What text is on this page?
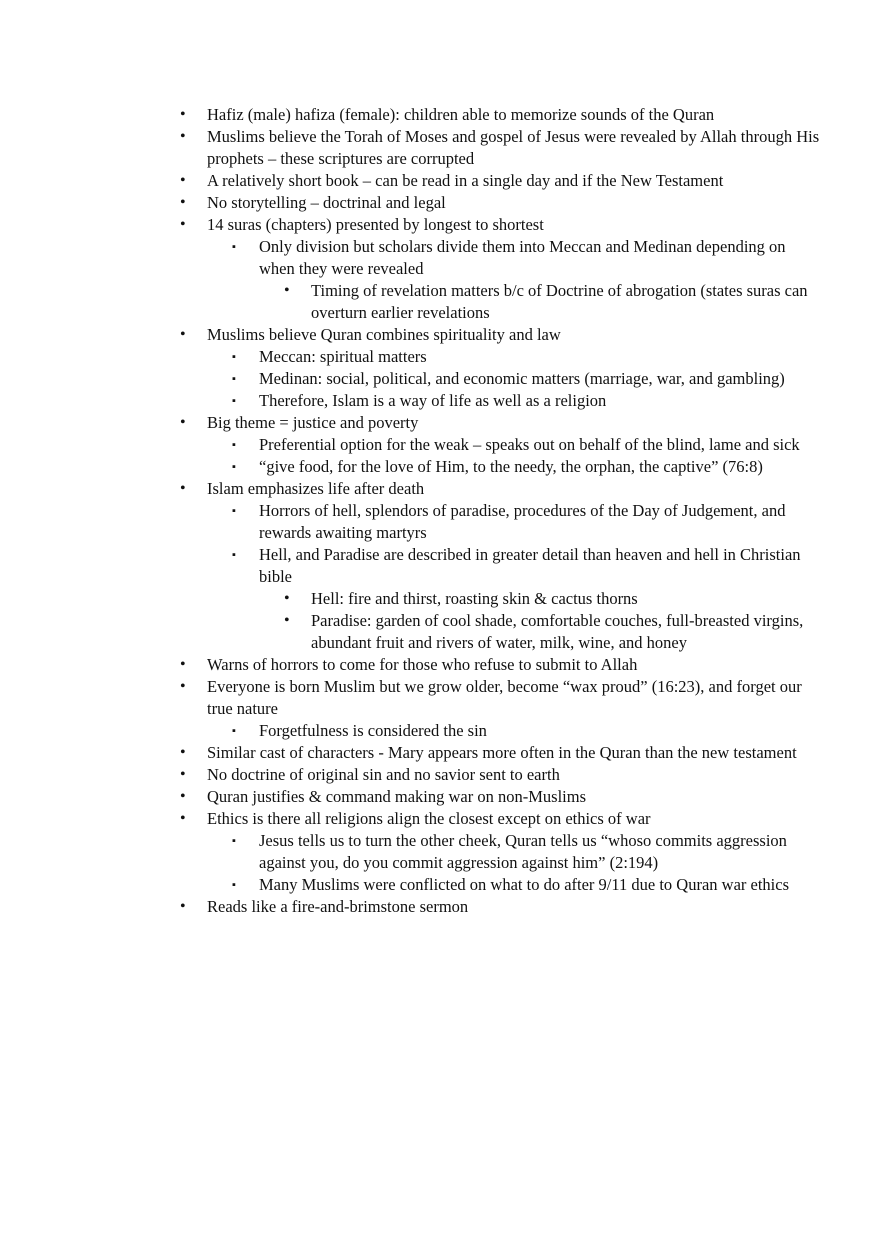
• Hafiz (male) hafiza (female): children able to memorize sounds of the Quran
• Muslims believe the Torah of Moses and gospel of Jesus were revealed by Allah through His prophets – these scriptures are corrupted
• A relatively short book – can be read in a single day and if the New Testament
• No storytelling – doctrinal and legal
• 14 suras (chapters) presented by longest to shortest
▪ Only division but scholars divide them into Meccan and Medinan depending on when they were revealed
• Timing of revelation matters b/c of Doctrine of abrogation (states suras can overturn earlier revelations
• Muslims believe Quran combines spirituality and law
▪ Meccan: spiritual matters
▪ Medinan: social, political, and economic matters (marriage, war, and gambling)
▪ Therefore, Islam is a way of life as well as a religion
• Big theme = justice and poverty
▪ Preferential option for the weak – speaks out on behalf of the blind, lame and sick
▪ “give food, for the love of Him, to the needy, the orphan, the captive” (76:8)
• Islam emphasizes life after death
▪ Horrors of hell, splendors of paradise, procedures of the Day of Judgement, and rewards awaiting martyrs
▪ Hell, and Paradise are described in greater detail than heaven and hell in Christian bible
• Hell: fire and thirst, roasting skin & cactus thorns
• Paradise: garden of cool shade, comfortable couches, full-breasted virgins, abundant fruit and rivers of water, milk, wine, and honey
• Warns of horrors to come for those who refuse to submit to Allah
• Everyone is born Muslim but we grow older, become “wax proud” (16:23), and forget our true nature
▪ Forgetfulness is considered the sin
• Similar cast of characters - Mary appears more often in the Quran than the new testament
• No doctrine of original sin and no savior sent to earth
• Quran justifies & command making war on non-Muslims
• Ethics is there all religions align the closest except on ethics of war
▪ Jesus tells us to turn the other cheek, Quran tells us “whoso commits aggression against you, do you commit aggression against him” (2:194)
▪ Many Muslims were conflicted on what to do after 9/11 due to Quran war ethics
• Reads like a fire-and-brimstone sermon
